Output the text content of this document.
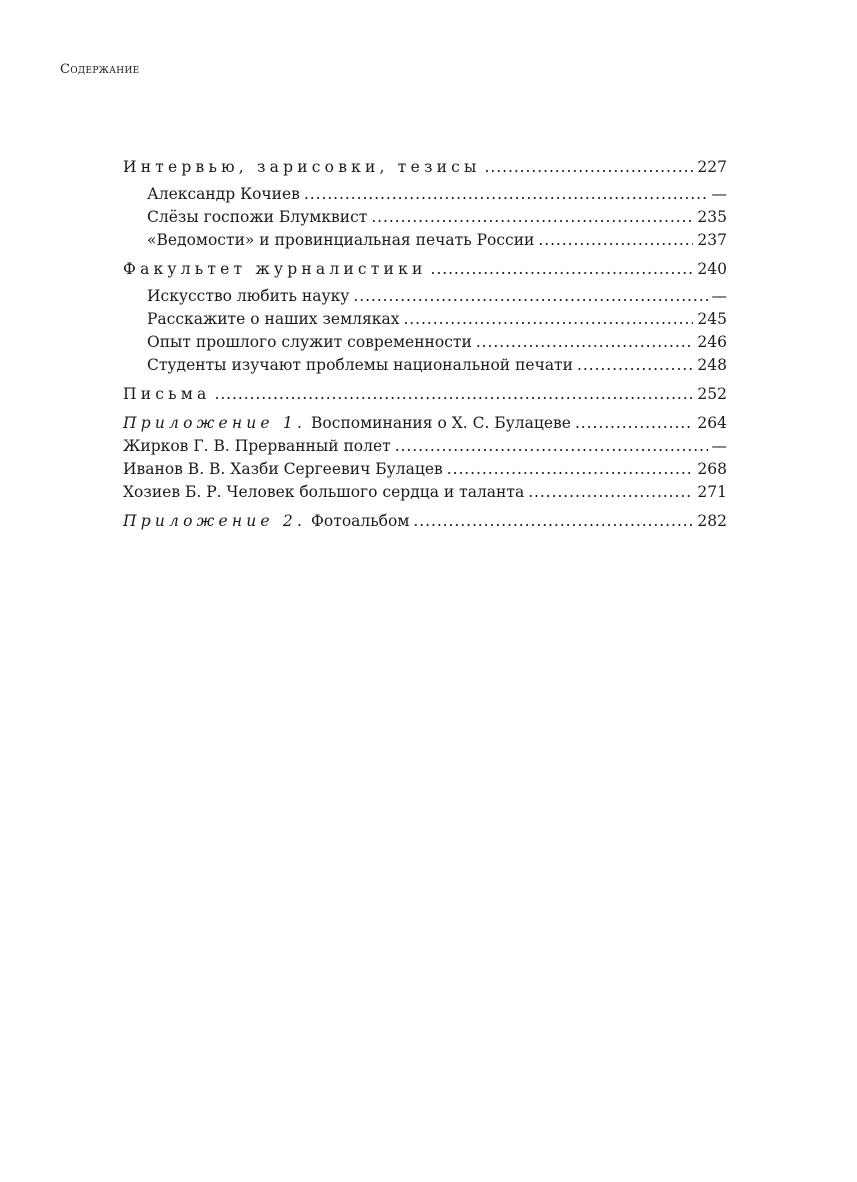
Содержание
Интервью, зарисовки, тезисы . . .	227
Александр Кочиев . . .	—
Слёзы госпожи Блумквист . . .	235
«Ведомости» и провинциальная печать России . . .	237
Факультет журналистики . . .	240
Искусство любить науку . . .	—
Расскажите о наших земляках . . .	245
Опыт прошлого служит современности . . .	246
Студенты изучают проблемы национальной печати . . .	248
Письма . . .	252
Приложение 1. Воспоминания о Х. С. Булацеве . . .	264
Жирков Г. В. Прерванный полет . . .	—
Иванов В. В. Хазби Сергеевич Булацев . . .	268
Хозиев Б. Р. Человек большого сердца и таланта . . .	271
Приложение 2. Фотоальбом . . .	282
